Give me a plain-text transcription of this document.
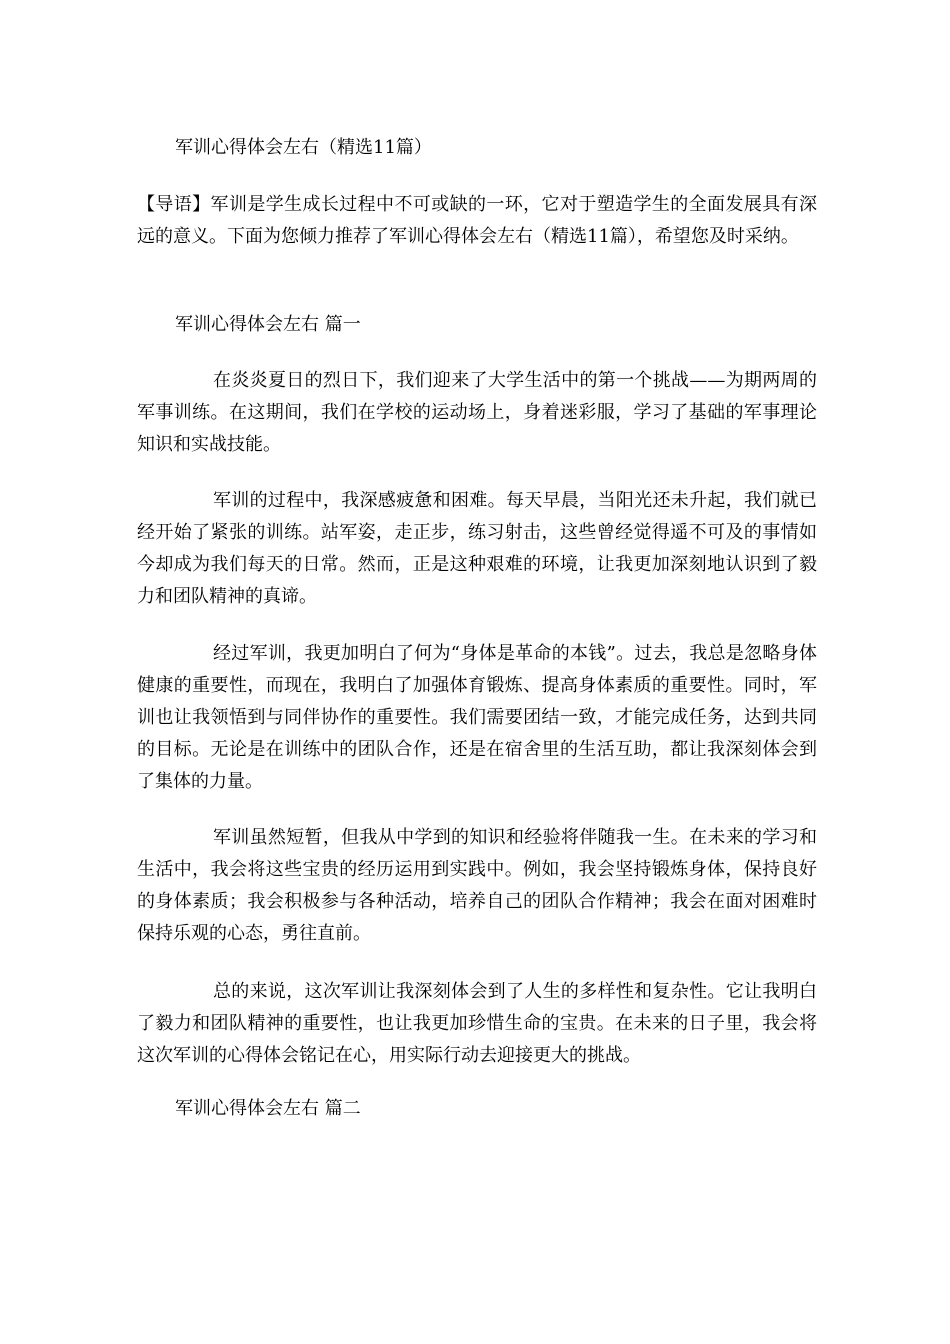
军训心得体会左右（精选11篇）
【导语】军训是学生成长过程中不可或缺的一环，它对于塑造学生的全面发展具有深远的意义。下面为您倾力推荐了军训心得体会左右（精选11篇），希望您及时采纳。
军训心得体会左右 篇一
在炎炎夏日的烈日下，我们迎来了大学生活中的第一个挑战——为期两周的军事训练。在这期间，我们在学校的运动场上，身着迷彩服，学习了基础的军事理论知识和实战技能。
军训的过程中，我深感疲惫和困难。每天早晨，当阳光还未升起，我们就已经开始了紧张的训练。站军姿，走正步，练习射击，这些曾经觉得遥不可及的事情如今却成为我们每天的日常。然而，正是这种艰难的环境，让我更加深刻地认识到了毅力和团队精神的真谛。
经过军训，我更加明白了何为“身体是革命的本钱”。过去，我总是忽略身体健康的重要性，而现在，我明白了加强体育锻炼、提高身体素质的重要性。同时，军训也让我领悟到与同伴协作的重要性。我们需要团结一致，才能完成任务，达到共同的目标。无论是在训练中的团队合作，还是在宿舍里的生活互助，都让我深刻体会到了集体的力量。
军训虽然短暂，但我从中学到的知识和经验将伴随我一生。在未来的学习和生活中，我会将这些宝贵的经历运用到实践中。例如，我会坚持锻炼身体，保持良好的身体素质；我会积极参与各种活动，培养自己的团队合作精神；我会在面对困难时保持乐观的心态，勇往直前。
总的来说，这次军训让我深刻体会到了人生的多样性和复杂性。它让我明白了毅力和团队精神的重要性，也让我更加珍惜生命的宝贵。在未来的日子里，我会将这次军训的心得体会铭记在心，用实际行动去迎接更大的挑战。
军训心得体会左右 篇二
